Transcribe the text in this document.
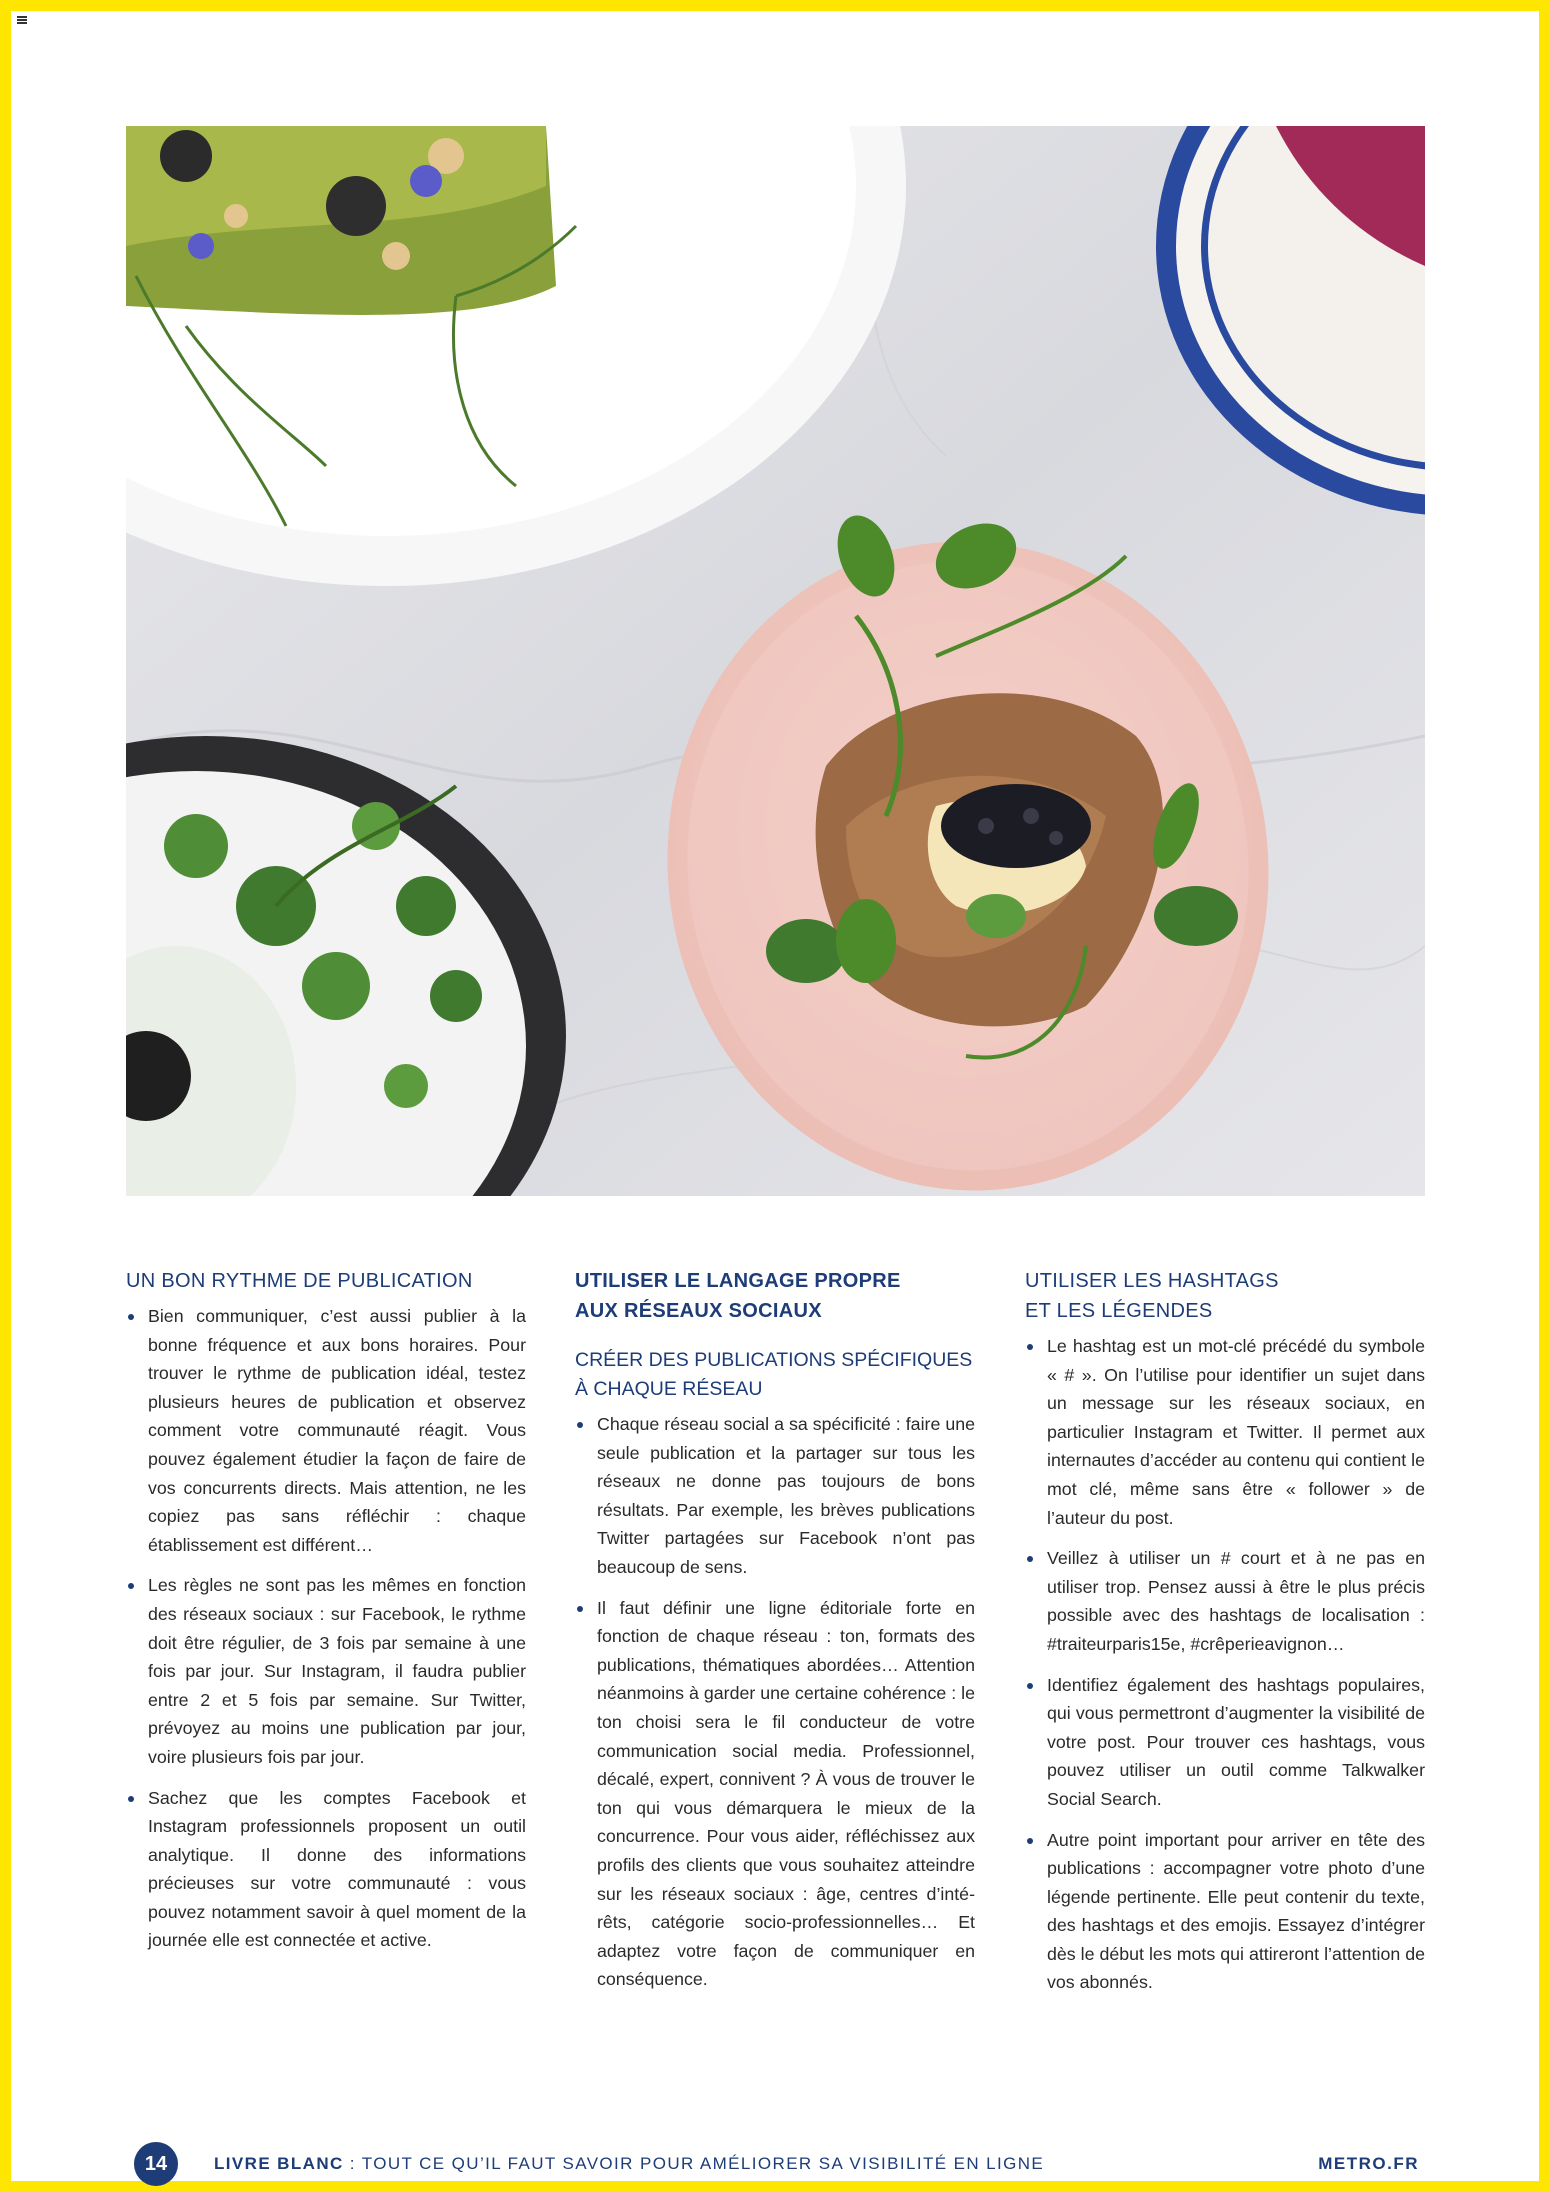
UN BON RYTHME DE PUBLICATION
Bien communiquer, c’est aussi publier à la bonne fréquence et aux bons horaires. Pour trouver le rythme de publication idéal, testez plusieurs heures de publication et observez comment votre communauté réagit. Vous pouvez également étudier la façon de faire de vos concurrents directs. Mais attention, ne les copiez pas sans réfléchir : chaque établissement est différent…
Les règles ne sont pas les mêmes en fonction des réseaux sociaux : sur Facebook, le rythme doit être régulier, de 3 fois par semaine à une fois par jour. Sur Instagram, il faudra publier entre 2 et 5 fois par semaine. Sur Twitter, prévoyez au moins une publication par jour, voire plusieurs fois par jour.
Sachez que les comptes Facebook et Instagram professionnels proposent un outil analytique. Il donne des informations précieuses sur votre communauté : vous pouvez notamment savoir à quel moment de la journée elle est connectée et active.
UTILISER LE LANGAGE PROPRE
AUX RÉSEAUX SOCIAUX
CRÉER DES PUBLICATIONS SPÉCIFIQUES
À CHAQUE RÉSEAU
Chaque réseau social a sa spécificité : faire une seule publication et la partager sur tous les réseaux ne donne pas toujours de bons résultats. Par exemple, les brèves publications Twitter partagées sur Facebook n’ont pas beaucoup de sens.
Il faut définir une ligne éditoriale forte en fonction de chaque réseau : ton, formats des publications, thématiques abordées… Attention néanmoins à garder une certaine cohérence : le ton choisi sera le fil conducteur de votre communication social media. Professionnel, décalé, expert, connivent ? À vous de trouver le ton qui vous démarquera le mieux de la concurrence. Pour vous aider, réfléchissez aux profils des clients que vous souhaitez atteindre sur les réseaux sociaux : âge, centres d’intérêts, catégorie socio-professionnelles… Et adaptez votre façon de communiquer en conséquence.
UTILISER LES HASHTAGS
ET LES LÉGENDES
Le hashtag est un mot-clé précédé du symbole « # ». On l’utilise pour identifier un sujet dans un message sur les réseaux sociaux, en particulier Instagram et Twitter. Il permet aux internautes d’accéder au contenu qui contient le mot clé, même sans être « follower » de l’auteur du post.
Veillez à utiliser un # court et à ne pas en utiliser trop. Pensez aussi à être le plus précis possible avec des hashtags de localisation : #traiteurparis15e, #crêperieavignon…
Identifiez également des hashtags populaires, qui vous permettront d’augmenter la visibilité de votre post. Pour trouver ces hashtags, vous pouvez utiliser un outil comme Talkwalker Social Search.
Autre point important pour arriver en tête des publications : accompagner votre photo d’une légende pertinente. Elle peut contenir du texte, des hashtags et des emojis. Essayez d’intégrer dès le début les mots qui attireront l’attention de vos abonnés.
14	LIVRE BLANC : TOUT CE QU’IL FAUT SAVOIR POUR AMÉLIORER SA VISIBILITÉ EN LIGNE	METRO.FR
